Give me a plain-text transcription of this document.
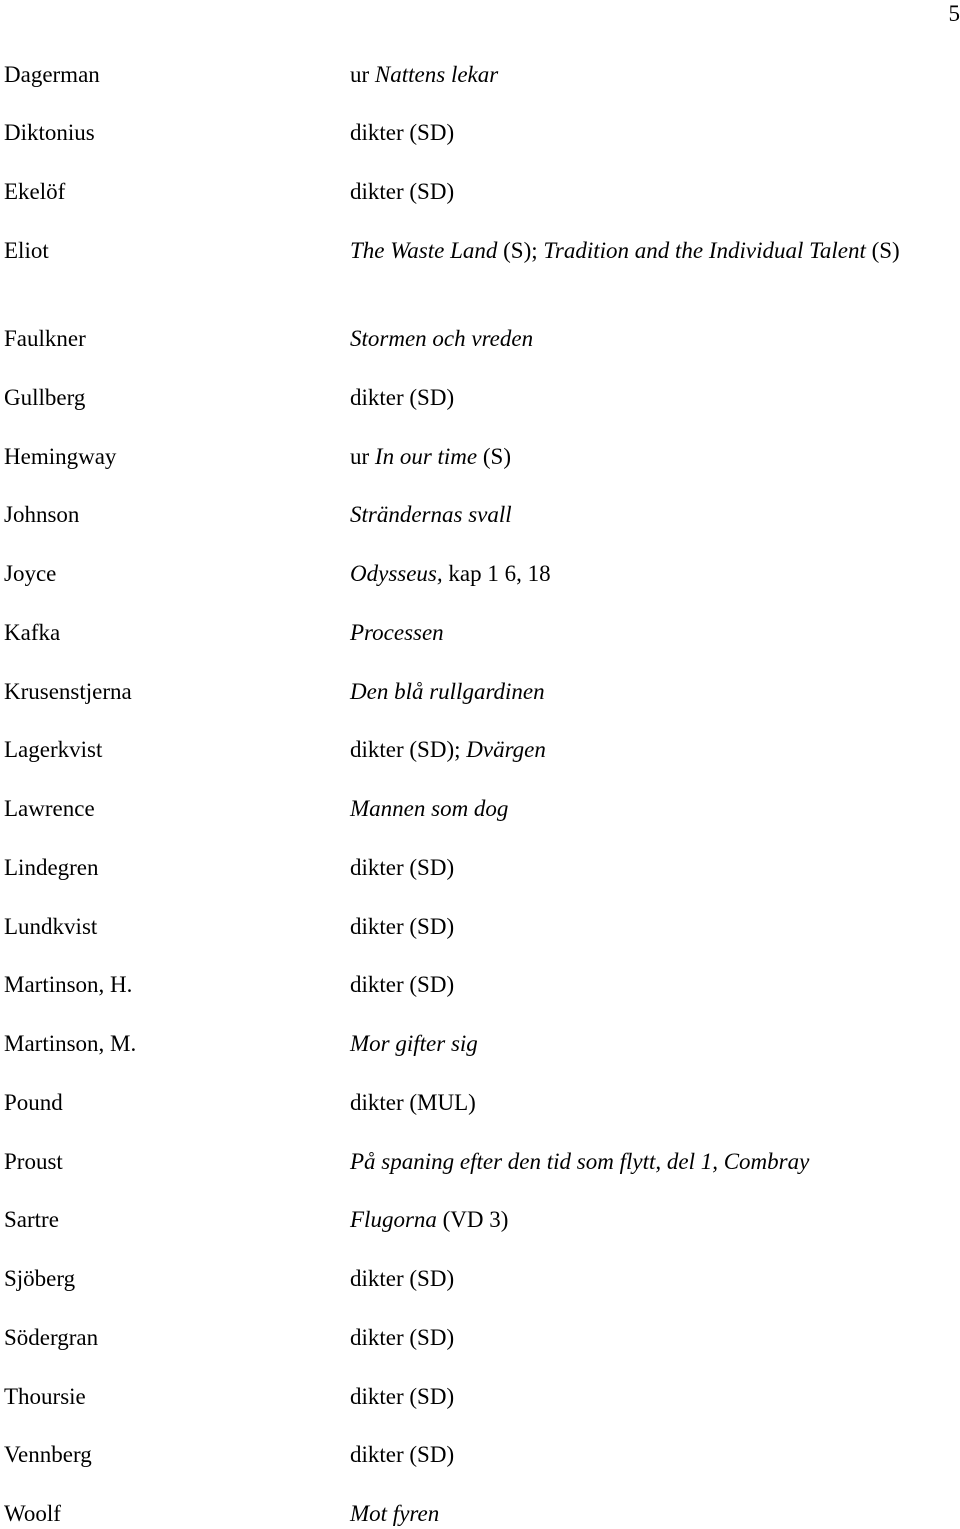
5
Dagerman	ur Nattens lekar
Diktonius	dikter (SD)
Ekelöf	dikter (SD)
Eliot	The Waste Land (S); Tradition and the Individual Talent (S)
Faulkner	Stormen och vreden
Gullberg	dikter (SD)
Hemingway	ur In our time (S)
Johnson	Strändernas svall
Joyce	Odysseus, kap 1 6, 18
Kafka	Processen
Krusenstjerna	Den blå rullgardinen
Lagerkvist	dikter (SD); Dvärgen
Lawrence	Mannen som dog
Lindegren	dikter (SD)
Lundkvist	dikter (SD)
Martinson, H.	dikter (SD)
Martinson, M.	Mor gifter sig
Pound	dikter (MUL)
Proust	På spaning efter den tid som flytt, del 1, Combray
Sartre	Flugorna (VD 3)
Sjöberg	dikter (SD)
Södergran	dikter (SD)
Thoursie	dikter (SD)
Vennberg	dikter (SD)
Woolf	Mot fyren
